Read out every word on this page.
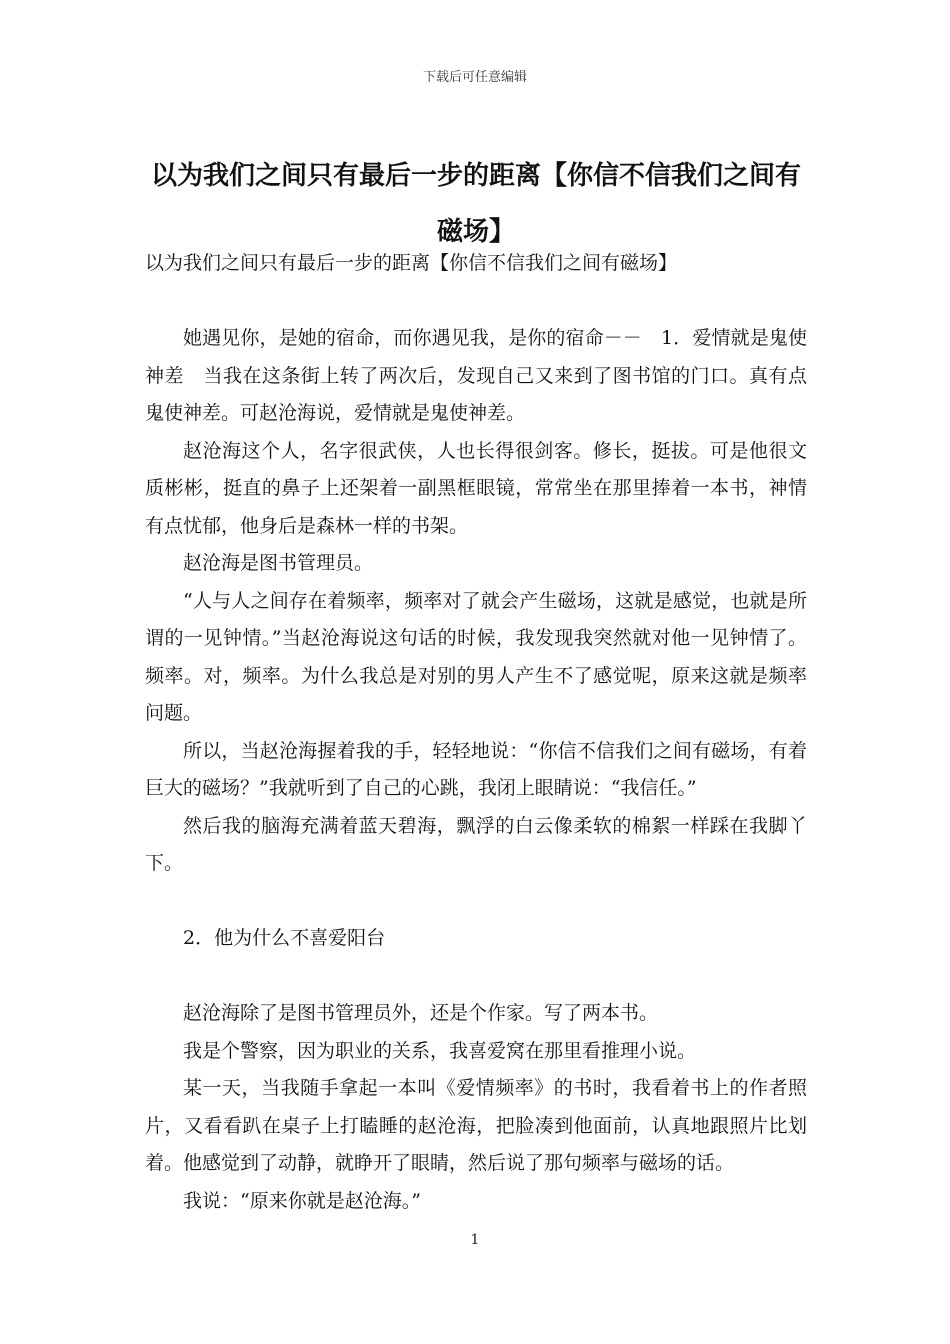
下载后可任意编辑
以为我们之间只有最后一步的距离【你信不信我们之间有磁场】

以为我们之间只有最后一步的距离【你信不信我们之间有磁场】

她遇见你，是她的宿命，而你遇见我，是你的宿命－－　1．爱情就是鬼使神差　当我在这条街上转了两次后，发现自己又来到了图书馆的门口。真有点鬼使神差。可赵沧海说，爱情就是鬼使神差。

赵沧海这个人，名字很武侠，人也长得很剑客。修长，挺拔。可是他很文质彬彬，挺直的鼻子上还架着一副黑框眼镜，常常坐在那里捧着一本书，神情有点忧郁，他身后是森林一样的书架。

赵沧海是图书管理员。

“人与人之间存在着频率，频率对了就会产生磁场，这就是感觉，也就是所谓的一见钟情。”当赵沧海说这句话的时候，我发现我突然就对他一见钟情了。频率。对，频率。为什么我总是对别的男人产生不了感觉呢，原来这就是频率问题。

所以，当赵沧海握着我的手，轻轻地说：“你信不信我们之间有磁场，有着巨大的磁场？”我就听到了自己的心跳，我闭上眼睛说：“我信任。”

然后我的脑海充满着蓝天碧海，飘浮的白云像柔软的棉絮一样踩在我脚丫下。

2．他为什么不喜爱阳台

赵沧海除了是图书管理员外，还是个作家。写了两本书。

我是个警察，因为职业的关系，我喜爱窝在那里看推理小说。

某一天，当我随手拿起一本叫《爱情频率》的书时，我看着书上的作者照片，又看看趴在桌子上打瞌睡的赵沧海，把脸凑到他面前，认真地跟照片比划着。他感觉到了动静，就睁开了眼睛，然后说了那句频率与磁场的话。

我说：“原来你就是赵沧海。”

1
